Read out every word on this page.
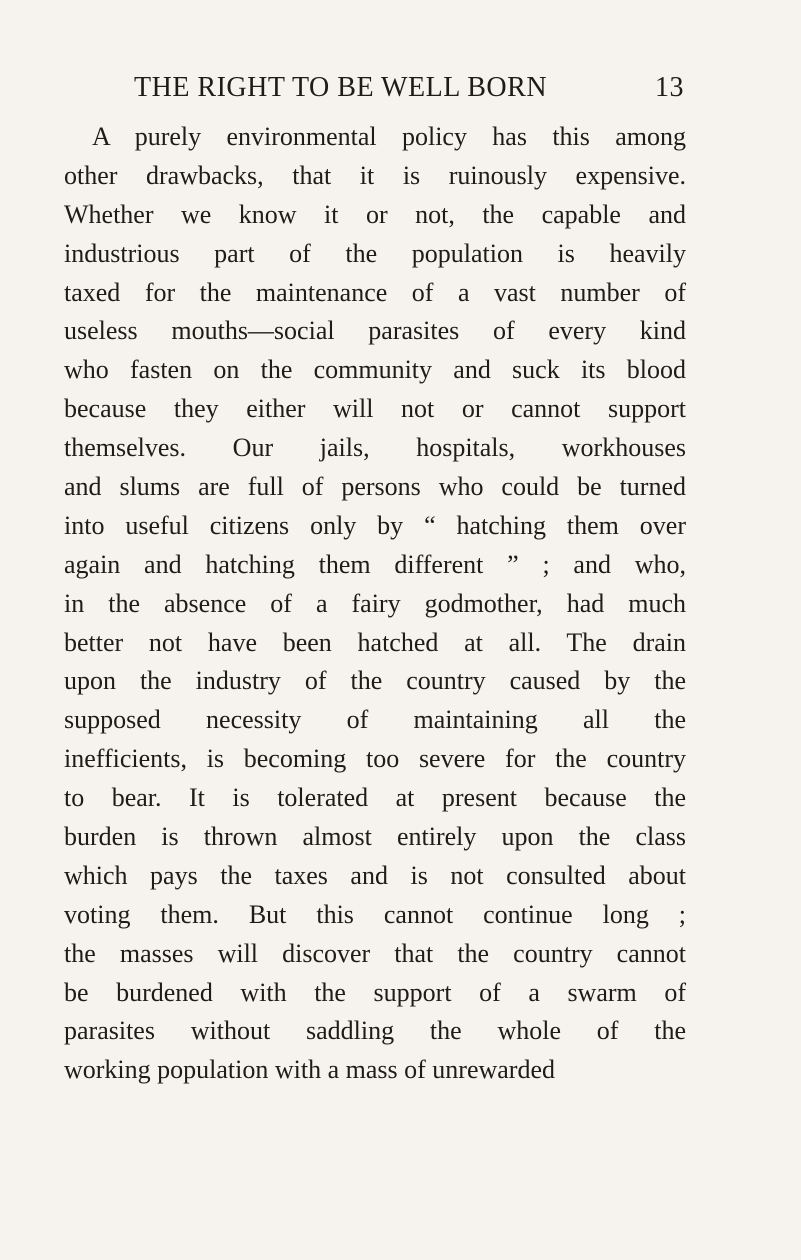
THE RIGHT TO BE WELL BORN	13
A purely environmental policy has this among
other drawbacks, that it is ruinously expensive.
Whether we know it or not, the capable and
industrious part of the population is heavily
taxed for the maintenance of a vast number of
useless mouths—social parasites of every kind
who fasten on the community and suck its blood
because they either will not or cannot support
themselves. Our jails, hospitals, workhouses
and slums are full of persons who could be turned
into useful citizens only by “ hatching them over
again and hatching them different ” ; and who,
in the absence of a fairy godmother, had much
better not have been hatched at all. The drain
upon the industry of the country caused by the
supposed necessity of maintaining all the
inefficients, is becoming too severe for the country
to bear. It is tolerated at present because the
burden is thrown almost entirely upon the class
which pays the taxes and is not consulted about
voting them. But this cannot continue long ;
the masses will discover that the country cannot
be burdened with the support of a swarm of
parasites without saddling the whole of the
working population with a mass of unrewarded
